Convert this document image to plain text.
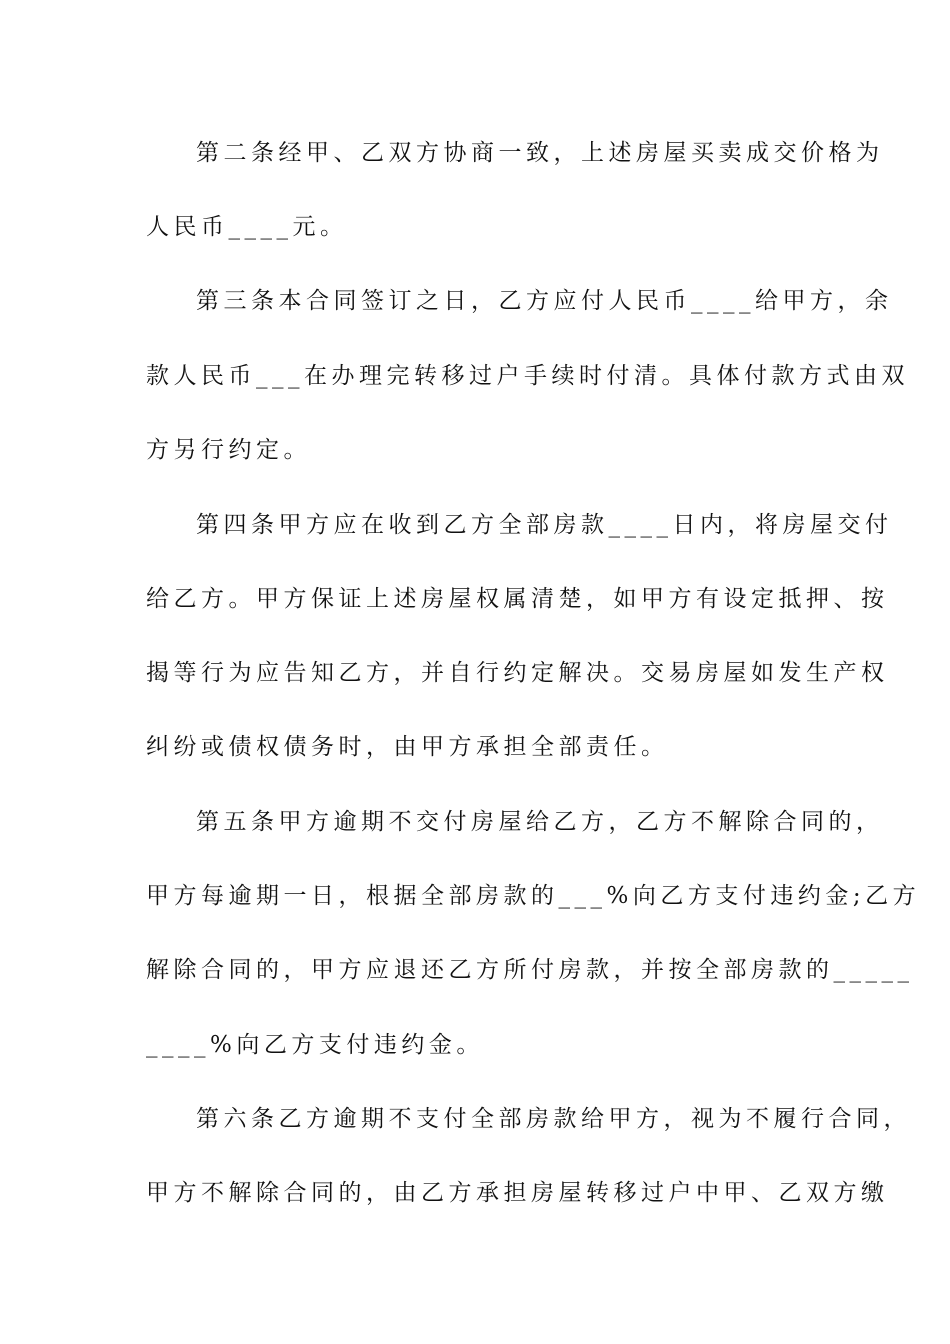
第二条经甲、乙双方协商一致，上述房屋买卖成交价格为
人民币____元。
第三条本合同签订之日，乙方应付人民币____给甲方，余
款人民币___在办理完转移过户手续时付清。具体付款方式由双
方另行约定。
第四条甲方应在收到乙方全部房款____日内，将房屋交付
给乙方。甲方保证上述房屋权属清楚，如甲方有设定抵押、按
揭等行为应告知乙方，并自行约定解决。交易房屋如发生产权
纠纷或债权债务时，由甲方承担全部责任。
第五条甲方逾期不交付房屋给乙方，乙方不解除合同的，
甲方每逾期一日，根据全部房款的___%向乙方支付违约金;乙方
解除合同的，甲方应退还乙方所付房款，并按全部房款的_____
____%向乙方支付违约金。
第六条乙方逾期不支付全部房款给甲方，视为不履行合同，
甲方不解除合同的，由乙方承担房屋转移过户中甲、乙双方缴
